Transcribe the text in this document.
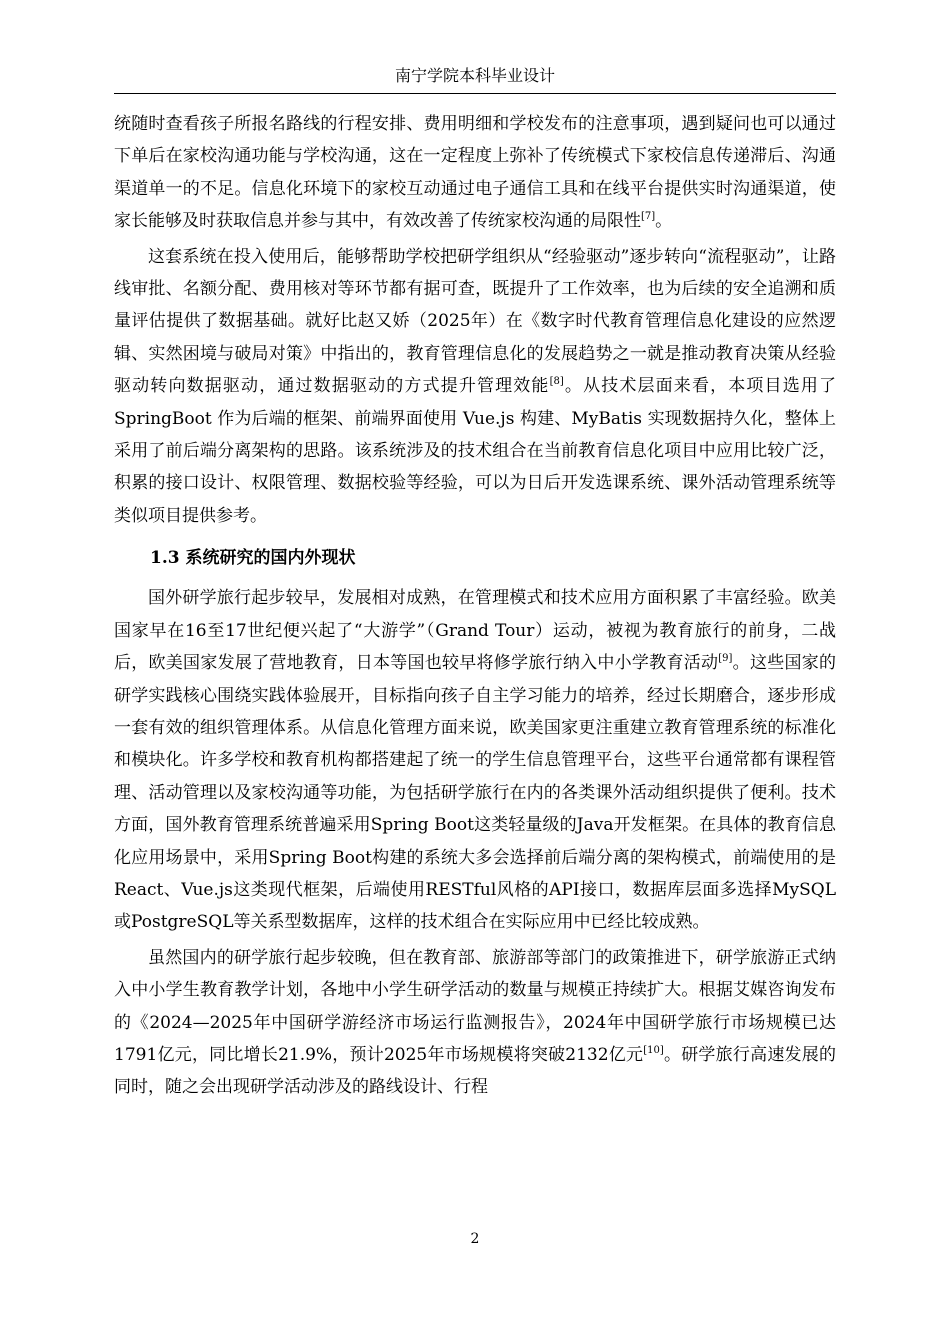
南宁学院本科毕业设计

统随时查看孩子所报名路线的行程安排、费用明细和学校发布的注意事项，遇到疑问也可以通过下单后在家校沟通功能与学校沟通，这在一定程度上弥补了传统模式下家校信息传递滞后、沟通渠道单一的不足。信息化环境下的家校互动通过电子通信工具和在线平台提供实时沟通渠道，使家长能够及时获取信息并参与其中，有效改善了传统家校沟通的局限性[7]。

这套系统在投入使用后，能够帮助学校把研学组织从“经验驱动”逐步转向“流程驱动”，让路线审批、名额分配、费用核对等环节都有据可查，既提升了工作效率，也为后续的安全追溯和质量评估提供了数据基础。就好比赵又娇（2025年）在《数字时代教育管理信息化建设的应然逻辑、实然困境与破局对策》中指出的，教育管理信息化的发展趋势之一就是推动教育决策从经验驱动转向数据驱动，通过数据驱动的方式提升管理效能[8]。从技术层面来看，本项目选用了 SpringBoot 作为后端的框架、前端界面使用 Vue.js 构建、MyBatis 实现数据持久化，整体上采用了前后端分离架构的思路。该系统涉及的技术组合在当前教育信息化项目中应用比较广泛，积累的接口设计、权限管理、数据校验等经验，可以为日后开发选课系统、课外活动管理系统等类似项目提供参考。

1.3 系统研究的国内外现状

国外研学旅行起步较早，发展相对成熟，在管理模式和技术应用方面积累了丰富经验。欧美国家早在16至17世纪便兴起了“大游学”（Grand Tour）运动，被视为教育旅行的前身，二战后，欧美国家发展了营地教育，日本等国也较早将修学旅行纳入中小学教育活动[9]。这些国家的研学实践核心围绕实践体验展开，目标指向孩子自主学习能力的培养，经过长期磨合，逐步形成一套有效的组织管理体系。从信息化管理方面来说，欧美国家更注重建立教育管理系统的标准化和模块化。许多学校和教育机构都搭建起了统一的学生信息管理平台，这些平台通常都有课程管理、活动管理以及家校沟通等功能，为包括研学旅行在内的各类课外活动组织提供了便利。技术方面，国外教育管理系统普遍采用Spring Boot这类轻量级的Java开发框架。在具体的教育信息化应用场景中，采用Spring Boot构建的系统大多会选择前后端分离的架构模式，前端使用的是React、Vue.js这类现代框架，后端使用RESTful风格的API接口，数据库层面多选择MySQL或PostgreSQL等关系型数据库，这样的技术组合在实际应用中已经比较成熟。

虽然国内的研学旅行起步较晚，但在教育部、旅游部等部门的政策推进下，研学旅游正式纳入中小学生教育教学计划，各地中小学生研学活动的数量与规模正持续扩大。根据艾媒咨询发布的《2024—2025年中国研学游经济市场运行监测报告》，2024年中国研学旅行市场规模已达1791亿元，同比增长21.9%，预计2025年市场规模将突破2132亿元[10]。研学旅行高速发展的同时，随之会出现研学活动涉及的路线设计、行程

2
